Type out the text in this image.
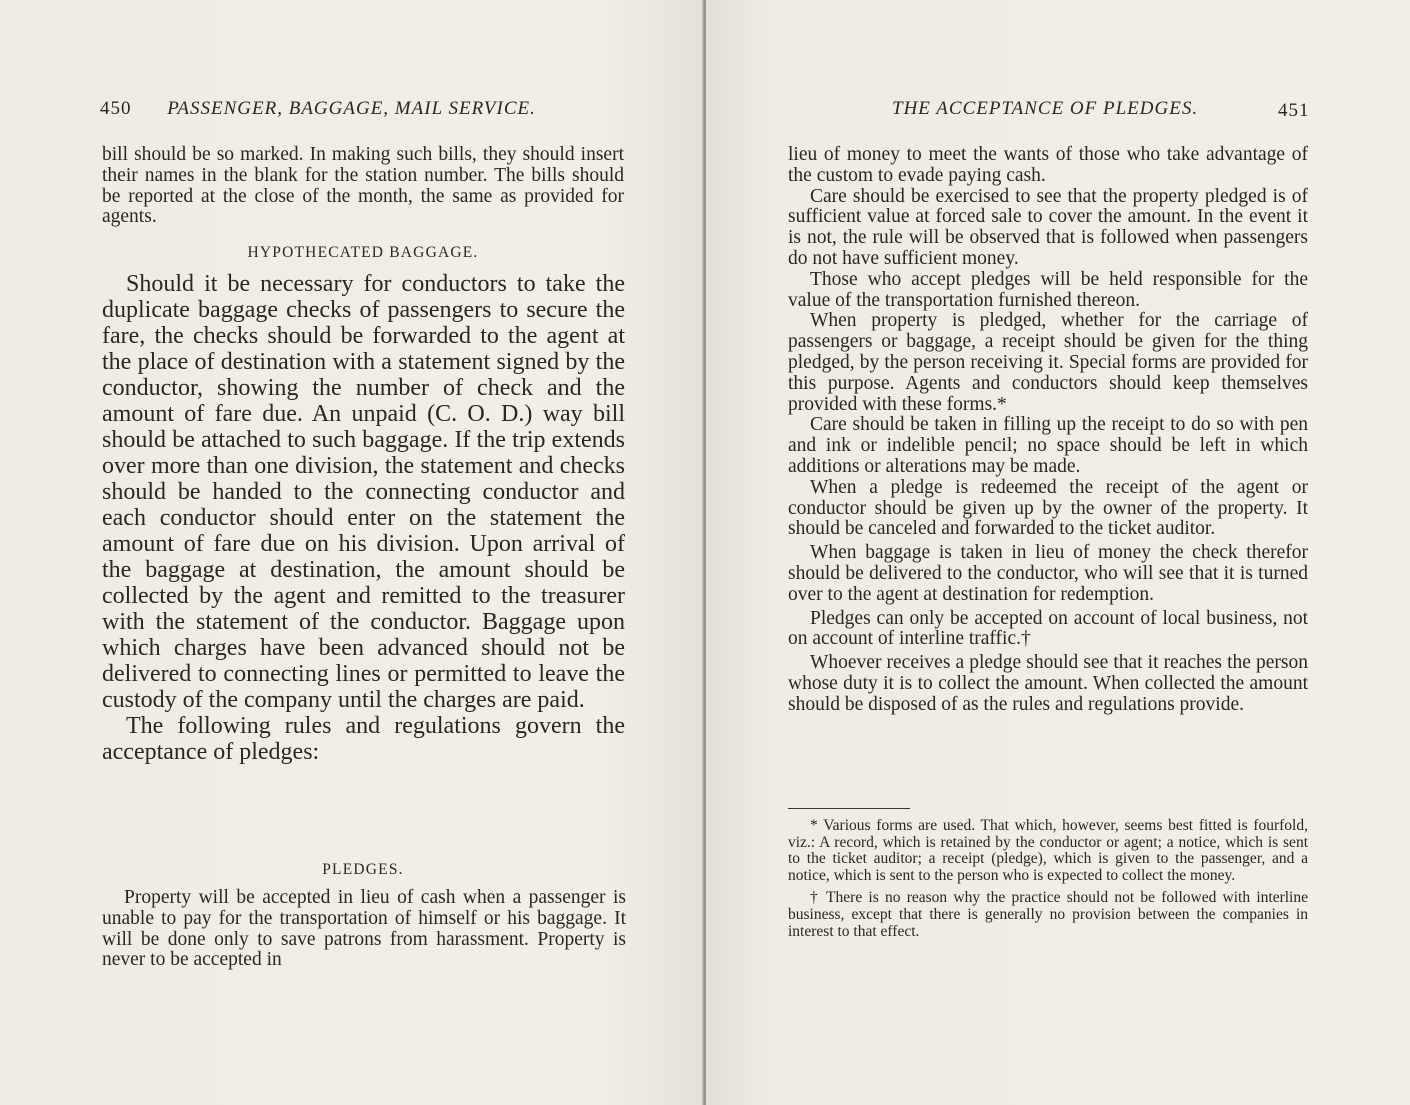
450 PASSENGER, BAGGAGE, MAIL SERVICE.

bill should be so marked. In making such bills, they should insert their names in the blank for the station number. The bills should be reported at the close of the month, the same as provided for agents.

HYPOTHECATED BAGGAGE.

Should it be necessary for conductors to take the duplicate baggage checks of passengers to secure the fare, the checks should be forwarded to the agent at the place of destination with a statement signed by the conductor, showing the number of check and the amount of fare due. An unpaid (C. O. D.) way bill should be attached to such baggage. If the trip extends over more than one division, the statement and checks should be handed to the connecting conductor and each conductor should enter on the statement the amount of fare due on his division. Upon arrival of the baggage at destination, the amount should be collected by the agent and remitted to the treasurer with the statement of the conductor. Baggage upon which charges have been advanced should not be delivered to connecting lines or permitted to leave the custody of the company until the charges are paid.

The following rules and regulations govern the acceptance of pledges:

PLEDGES.

Property will be accepted in lieu of cash when a passenger is unable to pay for the transportation of himself or his baggage. It will be done only to save patrons from harassment. Property is never to be accepted in

THE ACCEPTANCE OF PLEDGES.	451

lieu of money to meet the wants of those who take advantage of the custom to evade paying cash.

Care should be exercised to see that the property pledged is of sufficient value at forced sale to cover the amount. In the event it is not, the rule will be observed that is followed when passengers do not have sufficient money.

Those who accept pledges will be held responsible for the value of the transportation furnished thereon.

When property is pledged, whether for the carriage of passengers or baggage, a receipt should be given for the thing pledged, by the person receiving it. Special forms are provided for this purpose. Agents and conductors should keep themselves provided with these forms.*

Care should be taken in filling up the receipt to do so with pen and ink or indelible pencil; no space should be left in which additions or alterations may be made.

When a pledge is redeemed the receipt of the agent or conductor should be given up by the owner of the property. It should be canceled and forwarded to the ticket auditor.

When baggage is taken in lieu of money the check therefor should be delivered to the conductor, who will see that it is turned over to the agent at destination for redemption.

Pledges can only be accepted on account of local business, not on account of interline traffic.†

Whoever receives a pledge should see that it reaches the person whose duty it is to collect the amount. When collected the amount should be disposed of as the rules and regulations provide.

* Various forms are used. That which, however, seems best fitted is fourfold, viz.: A record, which is retained by the conductor or agent; a notice, which is sent to the ticket auditor; a receipt (pledge), which is given to the passenger, and a notice, which is sent to the person who is expected to collect the money.

† There is no reason why the practice should not be followed with interline business, except that there is generally no provision between the companies in interest to that effect.
